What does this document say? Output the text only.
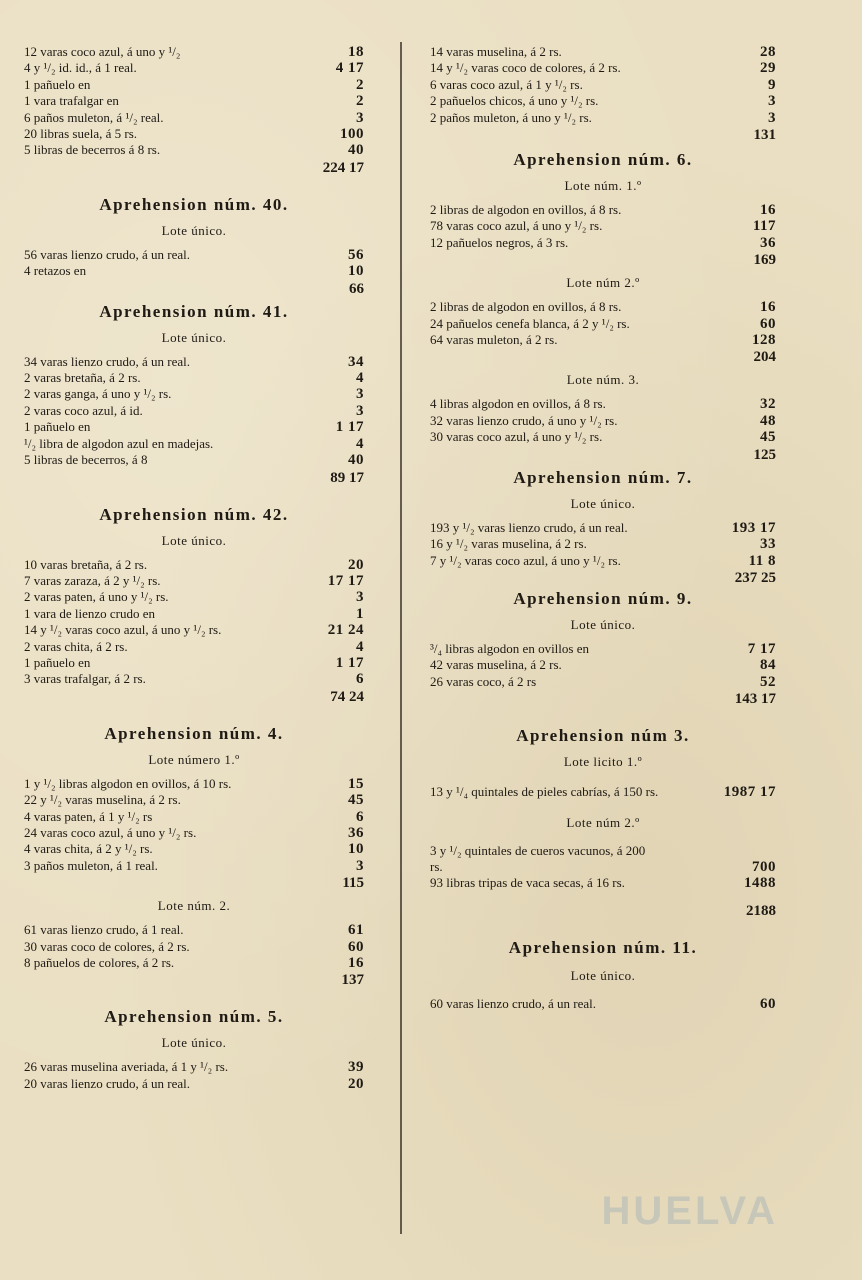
12 varas coco azul, á uno y ¹/₂	18
4 y ¹/₂ id. id., á 1 real.	4 17
1 pañuelo en	2
1 vara trafalgar en	2
6 paños muleton, á ¹/₂ real.	3
20 libras suela, á 5 rs.	100
5 libras de becerros á 8 rs.	40
224 17
Aprehension núm. 40.
Lote único.
56 varas lienzo crudo, á un real.	56
4 retazos en	10
66
Aprehension núm. 41.
Lote único.
34 varas lienzo crudo, á un real.	34
2 varas bretaña, á 2 rs.	4
2 varas ganga, á uno y ¹/₂ rs.	3
2 varas coco azul, á id.	3
1 pañuelo en	1 17
¹/₂ libra de algodon azul en madejas.	4
5 libras de becerros, á 8	40
89 17
Aprehension núm. 42.
Lote único.
10 varas bretaña, á 2 rs.	20
7 varas zaraza, á 2 y ¹/₂ rs.	17 17
2 varas paten, á uno y ¹/₂ rs.	3
1 vara de lienzo crudo en	1
14 y ¹/₂ varas coco azul, á uno y ¹/₂ rs.	21 24
2 varas chita, á 2 rs.	4
1 pañuelo en	1 17
3 varas trafalgar, á 2 rs.	6
74 24
Aprehension núm. 4.
Lote número 1.º
1 y ¹/₂ libras algodon en ovillos, á 10 rs.	15
22 y ¹/₂ varas muselina, á 2 rs.	45
4 varas paten, á 1 y ¹/₂ rs	6
24 varas coco azul, á uno y ¹/₂ rs.	36
4 varas chita, á 2 y ¹/₂ rs.	10
3 paños muleton, á 1 real.	3
115
Lote núm. 2.
61 varas lienzo crudo, á 1 real.	61
30 varas coco de colores, á 2 rs.	60
8 pañuelos de colores, á 2 rs.	16
137
Aprehension núm. 5.
Lote único.
26 varas muselina averiada, á 1 y ¹/₂ rs.	39
20 varas lienzo crudo, á un real.	20
14 varas muselina, á 2 rs.	28
14 y ¹/₂ varas coco de colores, á 2 rs.	29
6 varas coco azul, á 1 y ¹/₂ rs.	9
2 pañuelos chicos, á uno y ¹/₂ rs.	3
2 paños muleton, á uno y ¹/₂ rs.	3
131
Aprehension núm. 6.
Lote núm. 1.º
2 libras de algodon en ovillos, á 8 rs.	16
78 varas coco azul, á uno y ¹/₂ rs.	117
12 pañuelos negros, á 3 rs.	36
169
Lote núm 2.º
2 libras de algodon en ovillos, á 8 rs.	16
24 pañuelos cenefa blanca, á 2 y ¹/₂ rs.	60
64 varas muleton, á 2 rs.	128
204
Lote núm. 3.
4 libras algodon en ovillos, á 8 rs.	32
32 varas lienzo crudo, á uno y ¹/₂ rs.	48
30 varas coco azul, á uno y ¹/₂ rs.	45
125
Aprehension núm. 7.
Lote único.
193 y ¹/₂ varas lienzo crudo, á un real.	193 17
16 y ¹/₂ varas muselina, á 2 rs.	33
7 y ¹/₂ varas coco azul, á uno y ¹/₂ rs.	11 8
237 25
Aprehension núm. 9.
Lote único.
³/₄ libras algodon en ovillos en	7 17
42 varas muselina, á 2 rs.	84
26 varas coco, á 2 rs	52
143 17
Aprehension núm 3.
Lote licito 1.º
13 y ¹/₄ quintales de pieles cabrías, á 150 rs.	1987 17
Lote núm 2.º
3 y ¹/₂ quintales de cueros vacunos, á 200
rs.	700
93 libras tripas de vaca secas, á 16 rs.	1488
2188
Aprehension núm. 11.
Lote único.
60 varas lienzo crudo, á un real.	60
HUELVA
